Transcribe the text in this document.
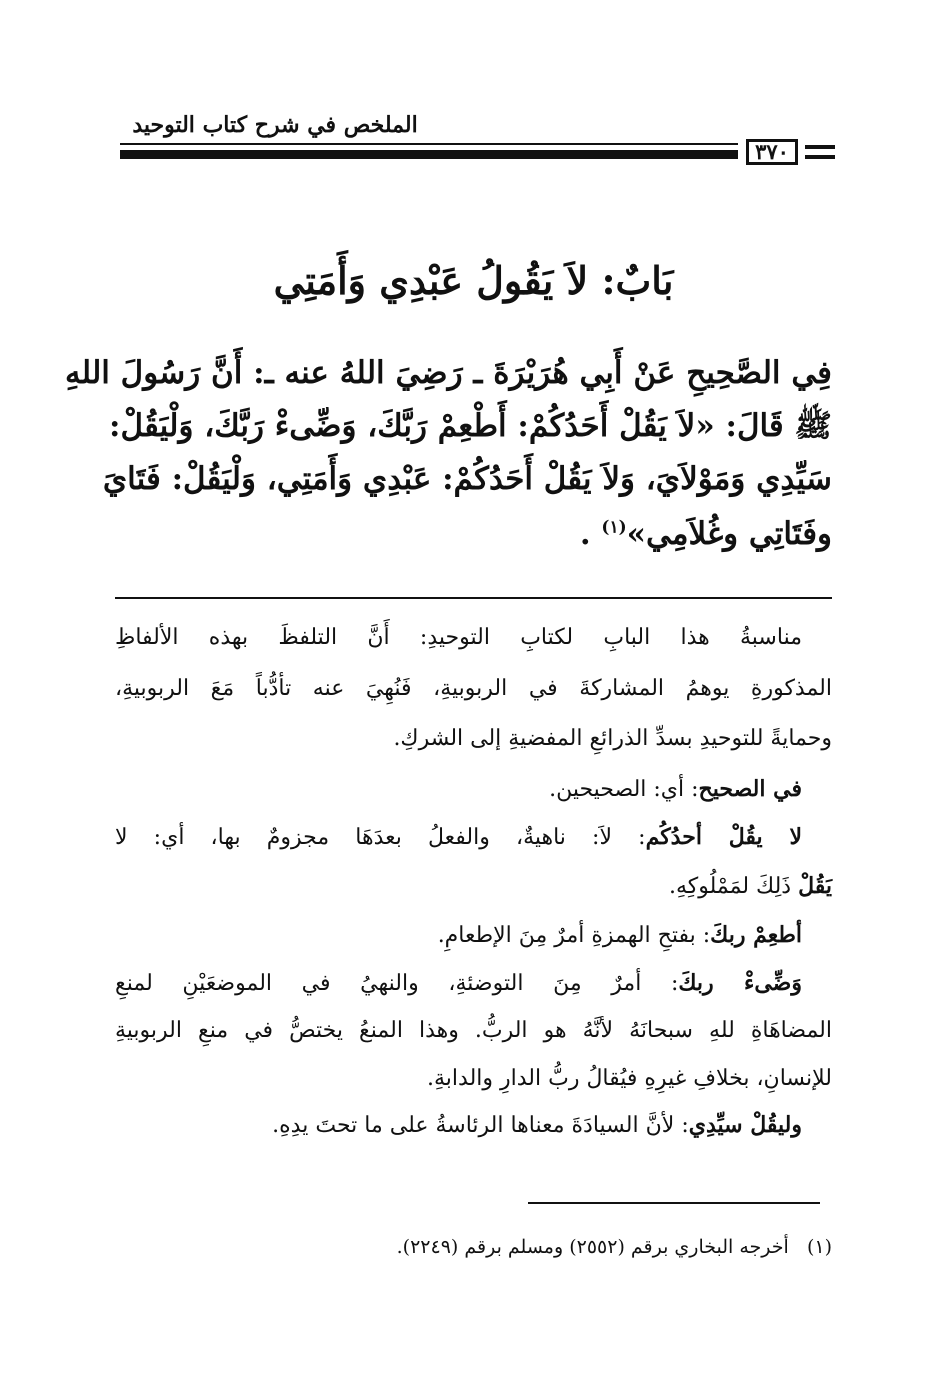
الملخص في شرح كتاب التوحيد
٣٧٠
بَابٌ: لاَ يَقُولُ عَبْدِي وَأَمَتِي
فِي الصَّحِيحِ عَنْ أَبِي هُرَيْرَةَ ـ رَضِيَ اللهُ عنه ـ: أَنَّ رَسُولَ اللهِ
ﷺ قَالَ: «لاَ يَقُلْ أَحَدُكُمْ: أَطْعِمْ رَبَّكَ، وَضِّىءْ رَبَّكَ، وَلْيَقُلْ:
سَيِّدِي وَمَوْلاَيَ، وَلاَ يَقُلْ أَحَدُكُمْ: عَبْدِي وَأَمَتِي، وَلْيَقُلْ: فَتَايَ
وفَتَاتِي وغُلاَمِي»$^{(١)}$ .
مناسبةُ هذا البابِ لكتابِ التوحيدِ: أَنَّ التلفظَ بهذه الألفاظِ
المذكورةِ يوهمُ المشاركةَ في الربوبيةِ، فَنُهِيَ عنه تأدُّباً مَعَ الربوبيةِ،
وحمايةً للتوحيدِ بسدِّ الذرائعِ المفضيةِ إلى الشركِ.
في الصحيح: أي: الصحيحين.
لا يقُلْ أحدُكُم: لاَ: ناهيةٌ، والفعلُ بعدَهَا مجزومٌ بها، أي: لا
يَقُلْ ذَلِكَ لمَمْلُوكِهِ.
أطعِمْ ربكَ: بفتحِ الهمزةِ أمرٌ مِنَ الإطعامِ.
وَضِّىءْ ربكَ: أمرٌ مِنَ التوضئةِ، والنهيُ في الموضعَيْنِ لمنعِ
المضاهَاةِ للهِ سبحانَهُ لأنَّهُ هو الربُّ. وهذا المنعُ يختصُّ في منعِ الربوبيةِ
للإنسانِ، بخلافِ غيرِهِ فيُقالُ ربُّ الدارِ والدابةِ.
وليقُلْ سيِّدِي: لأنَّ السيادَةَ معناها الرئاسةُ على ما تحتَ يدِهِ.
(١)   أخرجه البخاري برقم (٢٥٥٢) ومسلم برقم (٢٢٤٩).
